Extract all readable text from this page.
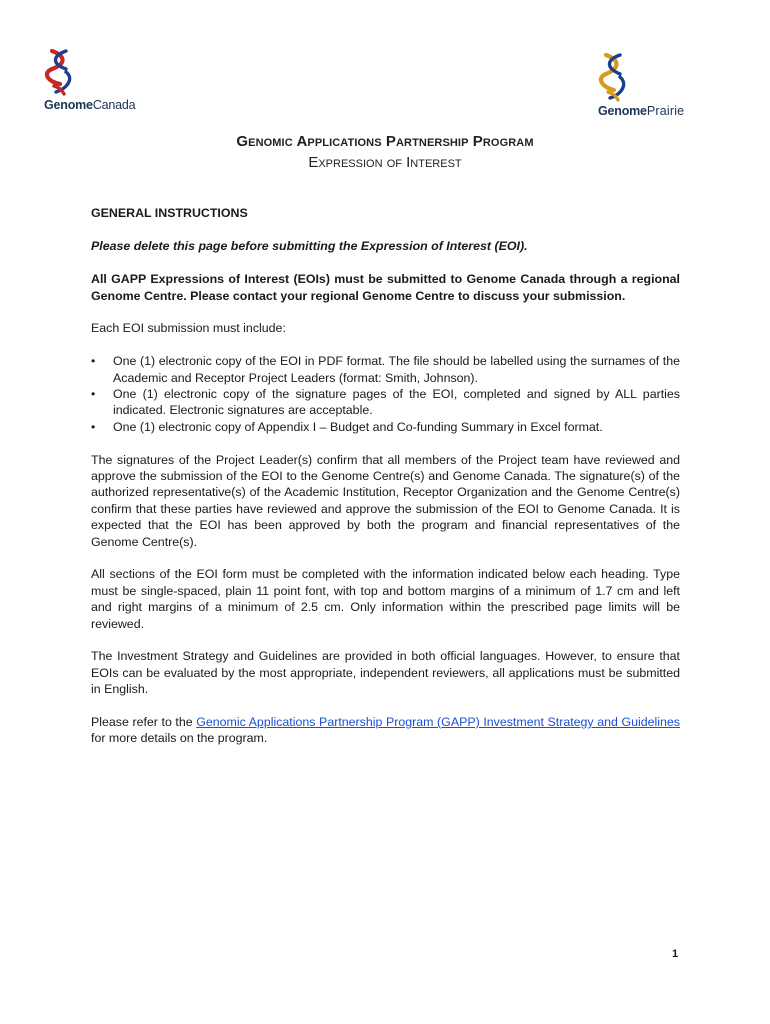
GenomeCanada	GenomePrairie
Genomic Applications Partnership Program
Expression of Interest

GENERAL INSTRUCTIONS

Please delete this page before submitting the Expression of Interest (EOI).

All GAPP Expressions of Interest (EOIs) must be submitted to Genome Canada through a regional Genome Centre. Please contact your regional Genome Centre to discuss your submission.

Each EOI submission must include:

• One (1) electronic copy of the EOI in PDF format. The file should be labelled using the surnames of the Academic and Receptor Project Leaders (format: Smith, Johnson).
• One (1) electronic copy of the signature pages of the EOI, completed and signed by ALL parties indicated. Electronic signatures are acceptable.
• One (1) electronic copy of Appendix I – Budget and Co-funding Summary in Excel format.

The signatures of the Project Leader(s) confirm that all members of the Project team have reviewed and approve the submission of the EOI to the Genome Centre(s) and Genome Canada. The signature(s) of the authorized representative(s) of the Academic Institution, Receptor Organization and the Genome Centre(s) confirm that these parties have reviewed and approve the submission of the EOI to Genome Canada. It is expected that the EOI has been approved by both the program and financial representatives of the Genome Centre(s).

All sections of the EOI form must be completed with the information indicated below each heading. Type must be single-spaced, plain 11 point font, with top and bottom margins of a minimum of 1.7 cm and left and right margins of a minimum of 2.5 cm. Only information within the prescribed page limits will be reviewed.

The Investment Strategy and Guidelines are provided in both official languages. However, to ensure that EOIs can be evaluated by the most appropriate, independent reviewers, all applications must be submitted in English.

Please refer to the Genomic Applications Partnership Program (GAPP) Investment Strategy and Guidelines for more details on the program.

1
